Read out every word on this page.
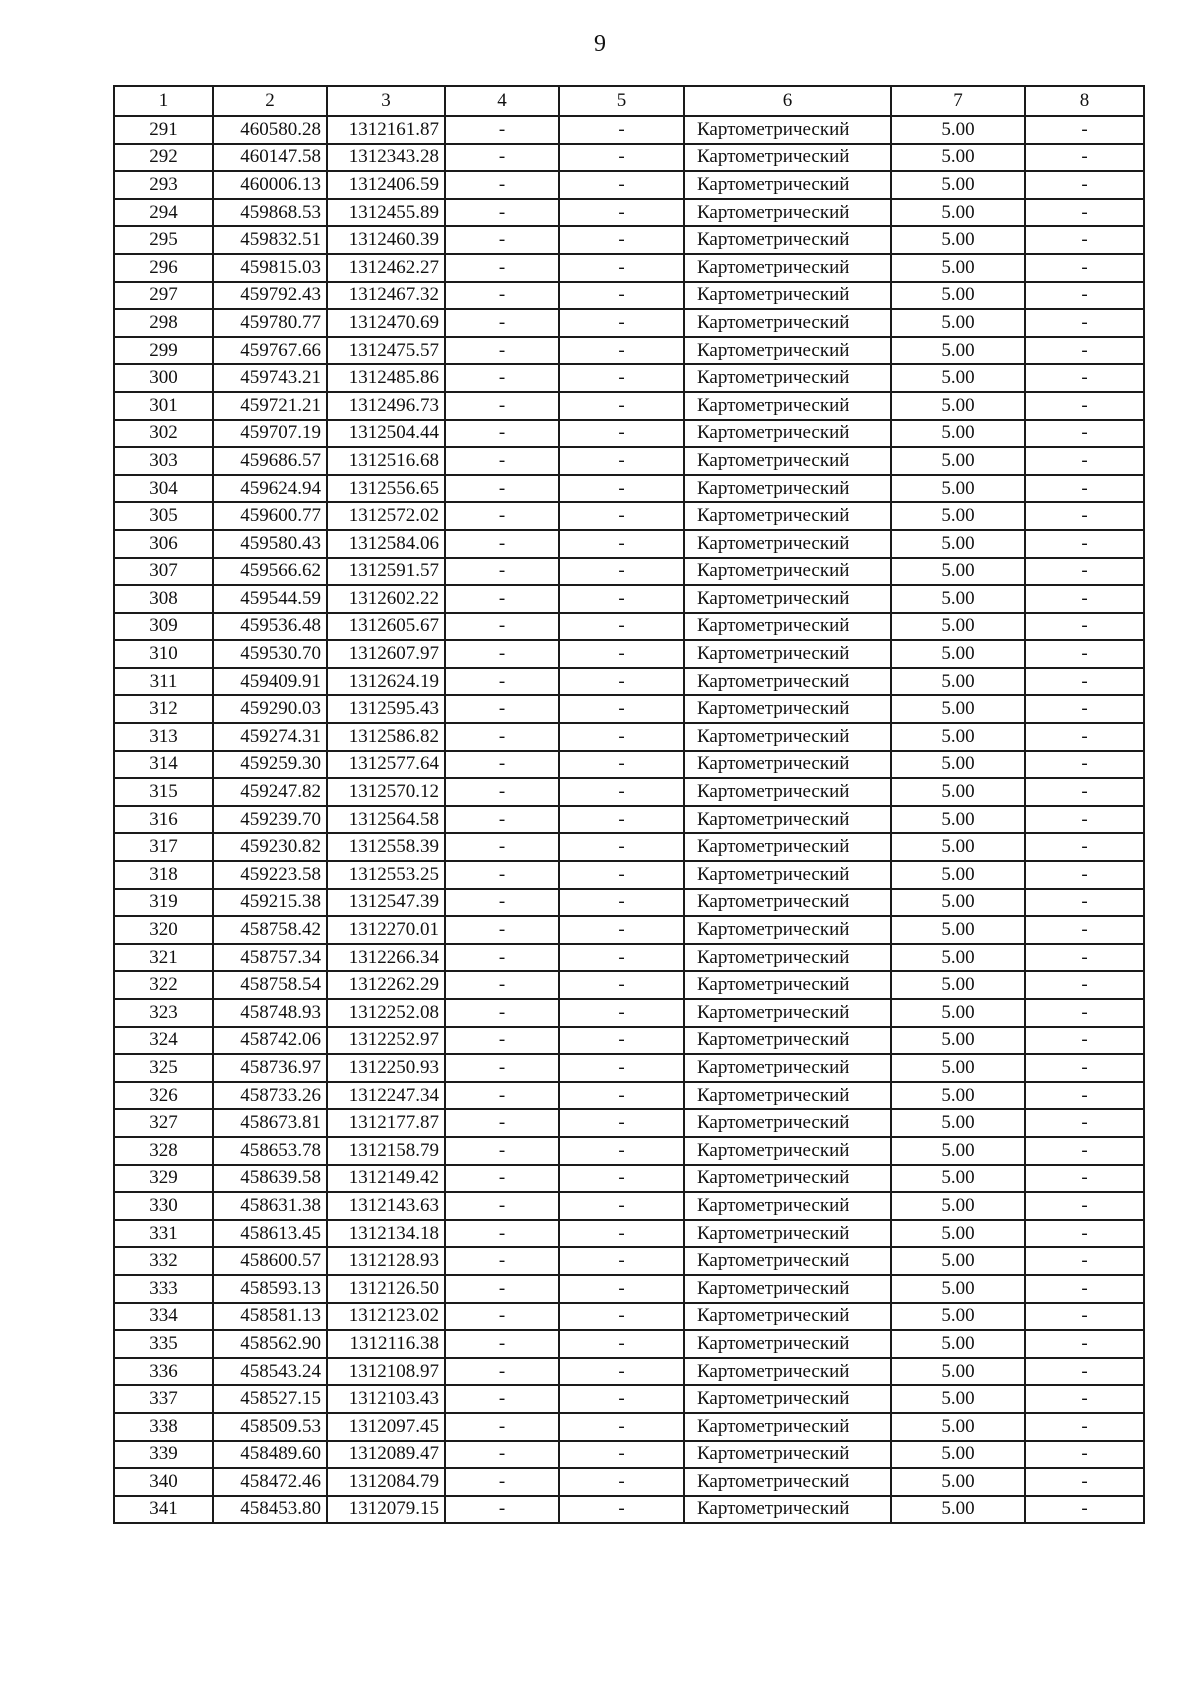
9
1	2	3	4	5	6	7	8
291	460580.28	1312161.87	-	-	Картометрический	5.00	-
292	460147.58	1312343.28	-	-	Картометрический	5.00	-
293	460006.13	1312406.59	-	-	Картометрический	5.00	-
294	459868.53	1312455.89	-	-	Картометрический	5.00	-
295	459832.51	1312460.39	-	-	Картометрический	5.00	-
296	459815.03	1312462.27	-	-	Картометрический	5.00	-
297	459792.43	1312467.32	-	-	Картометрический	5.00	-
298	459780.77	1312470.69	-	-	Картометрический	5.00	-
299	459767.66	1312475.57	-	-	Картометрический	5.00	-
300	459743.21	1312485.86	-	-	Картометрический	5.00	-
301	459721.21	1312496.73	-	-	Картометрический	5.00	-
302	459707.19	1312504.44	-	-	Картометрический	5.00	-
303	459686.57	1312516.68	-	-	Картометрический	5.00	-
304	459624.94	1312556.65	-	-	Картометрический	5.00	-
305	459600.77	1312572.02	-	-	Картометрический	5.00	-
306	459580.43	1312584.06	-	-	Картометрический	5.00	-
307	459566.62	1312591.57	-	-	Картометрический	5.00	-
308	459544.59	1312602.22	-	-	Картометрический	5.00	-
309	459536.48	1312605.67	-	-	Картометрический	5.00	-
310	459530.70	1312607.97	-	-	Картометрический	5.00	-
311	459409.91	1312624.19	-	-	Картометрический	5.00	-
312	459290.03	1312595.43	-	-	Картометрический	5.00	-
313	459274.31	1312586.82	-	-	Картометрический	5.00	-
314	459259.30	1312577.64	-	-	Картометрический	5.00	-
315	459247.82	1312570.12	-	-	Картометрический	5.00	-
316	459239.70	1312564.58	-	-	Картометрический	5.00	-
317	459230.82	1312558.39	-	-	Картометрический	5.00	-
318	459223.58	1312553.25	-	-	Картометрический	5.00	-
319	459215.38	1312547.39	-	-	Картометрический	5.00	-
320	458758.42	1312270.01	-	-	Картометрический	5.00	-
321	458757.34	1312266.34	-	-	Картометрический	5.00	-
322	458758.54	1312262.29	-	-	Картометрический	5.00	-
323	458748.93	1312252.08	-	-	Картометрический	5.00	-
324	458742.06	1312252.97	-	-	Картометрический	5.00	-
325	458736.97	1312250.93	-	-	Картометрический	5.00	-
326	458733.26	1312247.34	-	-	Картометрический	5.00	-
327	458673.81	1312177.87	-	-	Картометрический	5.00	-
328	458653.78	1312158.79	-	-	Картометрический	5.00	-
329	458639.58	1312149.42	-	-	Картометрический	5.00	-
330	458631.38	1312143.63	-	-	Картометрический	5.00	-
331	458613.45	1312134.18	-	-	Картометрический	5.00	-
332	458600.57	1312128.93	-	-	Картометрический	5.00	-
333	458593.13	1312126.50	-	-	Картометрический	5.00	-
334	458581.13	1312123.02	-	-	Картометрический	5.00	-
335	458562.90	1312116.38	-	-	Картометрический	5.00	-
336	458543.24	1312108.97	-	-	Картометрический	5.00	-
337	458527.15	1312103.43	-	-	Картометрический	5.00	-
338	458509.53	1312097.45	-	-	Картометрический	5.00	-
339	458489.60	1312089.47	-	-	Картометрический	5.00	-
340	458472.46	1312084.79	-	-	Картометрический	5.00	-
341	458453.80	1312079.15	-	-	Картометрический	5.00	-
